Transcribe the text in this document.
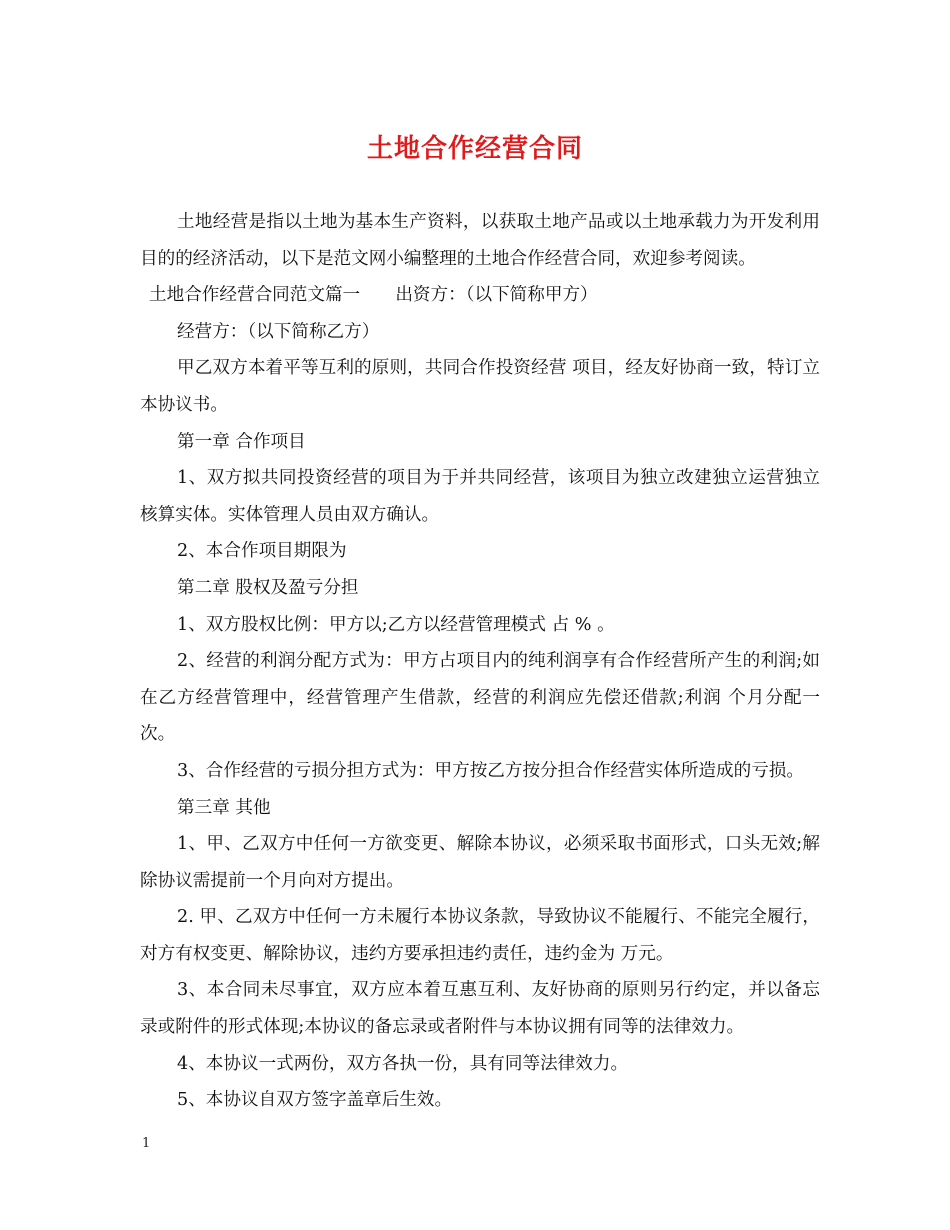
土地合作经营合同

土地经营是指以土地为基本生产资料，以获取土地产品或以土地承载力为开发利用目的的经济活动，以下是范文网小编整理的土地合作经营合同，欢迎参考阅读。

土地合作经营合同范文篇一　　出资方：（以下简称甲方）

经营方：（以下简称乙方）

甲乙双方本着平等互利的原则，共同合作投资经营 项目，经友好协商一致，特订立本协议书。

第一章 合作项目

1、双方拟共同投资经营的项目为于并共同经营，该项目为独立改建独立运营独立核算实体。实体管理人员由双方确认。

2、本合作项目期限为

第二章 股权及盈亏分担

1、双方股权比例：甲方以;乙方以经营管理模式 占 % 。

2、经营的利润分配方式为：甲方占项目内的纯利润享有合作经营所产生的利润;如在乙方经营管理中，经营管理产生借款，经营的利润应先偿还借款;利润 个月分配一次。

3、合作经营的亏损分担方式为：甲方按乙方按分担合作经营实体所造成的亏损。

第三章 其他

1、甲、乙双方中任何一方欲变更、解除本协议，必须采取书面形式，口头无效;解除协议需提前一个月向对方提出。

2. 甲、乙双方中任何一方未履行本协议条款，导致协议不能履行、不能完全履行，对方有权变更、解除协议，违约方要承担违约责任，违约金为 万元。

3、本合同未尽事宜，双方应本着互惠互利、友好协商的原则另行约定，并以备忘录或附件的形式体现;本协议的备忘录或者附件与本协议拥有同等的法律效力。

4、本协议一式两份，双方各执一份，具有同等法律效力。

5、本协议自双方签字盖章后生效。

1
